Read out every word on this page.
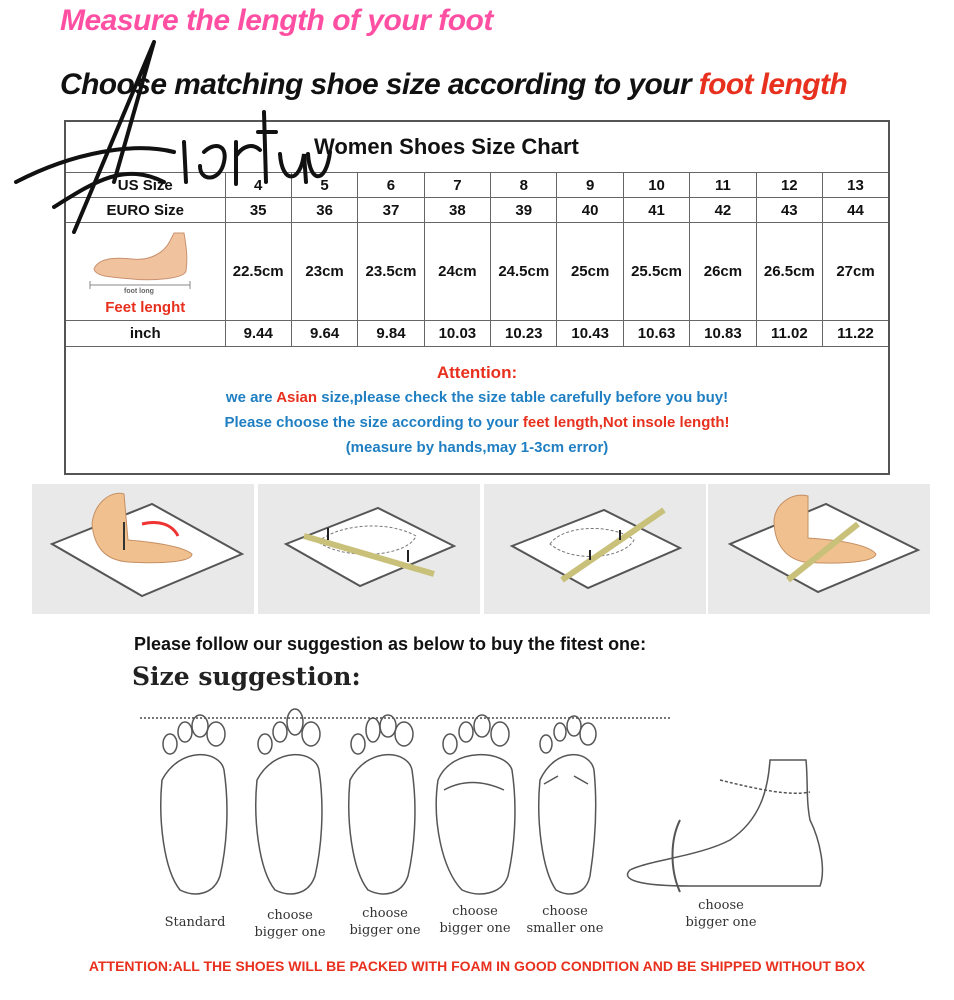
Measure the length of your foot
Choose matching shoe size according to your foot length
Women Shoes Size Chart										
US Size	4	5	6	7	8	9	10	11	12	13
EURO Size	35	36	37	38	39	40	41	42	43	44

foot long
Feet lenght	22.5cm	23cm	23.5cm	24cm	24.5cm	25cm	25.5cm	26cm	26.5cm	27cm
inch	9.44	9.64	9.84	10.03	10.23	10.43	10.63	10.83	11.02	11.22

Attention:
we are Asian size,please check the size table carefully before you buy!
Please choose the size according to your feet length,Not insole length!
(measure by hands,may 1-3cm error)										
Please follow our suggestion as below to buy the fitest one:
Size suggestion:
Standard	choose
bigger one
choose
bigger one
choose
bigger one
choose
smaller one
choose
bigger one
ATTENTION:ALL THE SHOES WILL BE PACKED WITH FOAM IN GOOD CONDITION AND BE SHIPPED WITHOUT BOX
